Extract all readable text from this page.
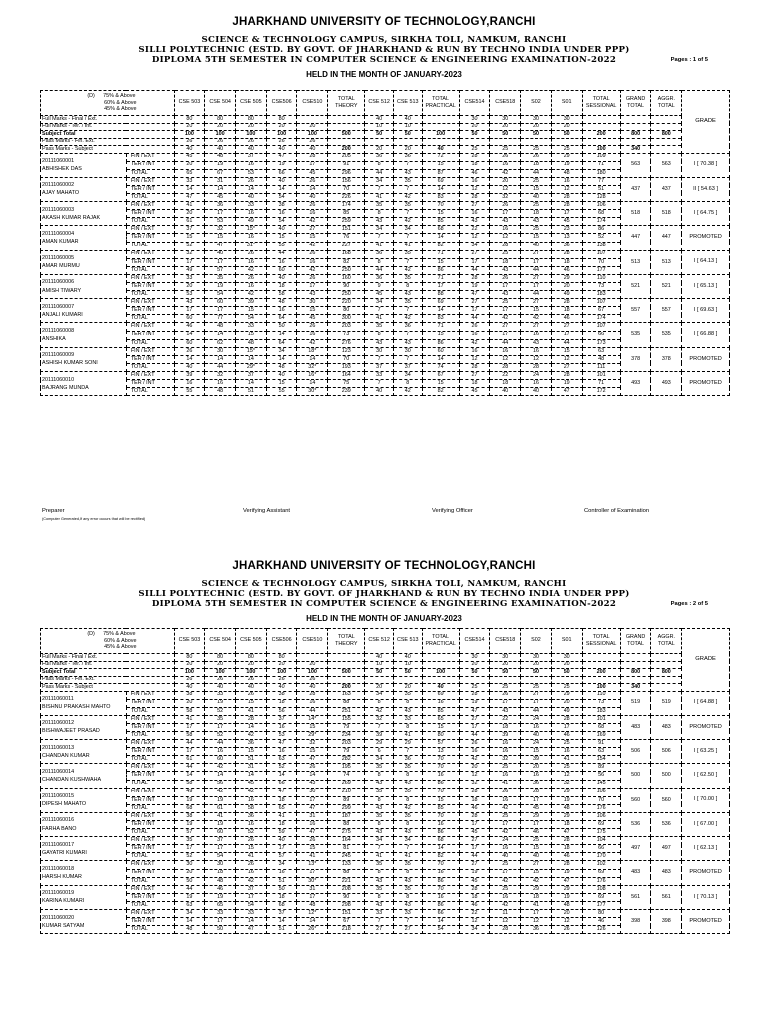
JHARKHAND UNIVERSITY OF TECHNOLOGY,RANCHI
SCIENCE & TECHNOLOGY CAMPUS, SIRKHA TOLI, NAMKUM, RANCHI
SILLI POLYTECHNIC (ESTD. BY GOVT. OF JHARKHAND & RUN BY TECHNO INDIA UNDER PPP)
DIPLOMA 5TH SEMESTER IN COMPUTER SCIENCE & ENGINEERING EXAMINATION-2022	Pages : 1 of 5
HELD IN THE MONTH OF JANUARY-2023
(D) 75% & Above
60% & Above
45% & Above		CSE 503	CSE 504	CSE 505	CSE506	CSE510	TOTAL THEORY	CSE 512	CSE 513	TOTAL PRACTICAL	CSE514	CSE518	S02	S01	TOTAL SESSIONAL	GRAND TOTAL	AGGR. TOTAL	GRADE
Full Marks - Final / Ext.		80	80	80	80			40	40		30	30	30	30				
Full Marks - Ter. / Int.		20	20	20	20	20		10	10		20	20	20	20				
Subject Total		100	100	100	100	100	500	50	50	100	50	50	50	50	200	800	800	
Pass Marks - Fin. Ext.		26	26	26	26	26												
Pass Marks - Subject		40	40	40	40	40	200	20	20	40	25	25	25	25	100	340		

20111060001
ABHISHEK DAS	FIN / EXT	45	48	37	47	28	205	36	36	72	28	26	26	29	109	563	563	I [ 70.38 ]
	TER / INT	20	19	16	19	17	91	8	7	15	18	16	18	19	71			
	TOTAL	65	67	53	66	45	296	44	43	87	46	42	44	48	180			

20111060002
AJAY MAHATO	FIN / EXT	33	31	26	40	26	156	34	35	69	16	20	25	16	77	437	437	II [ 54.63 ]
	TER / INT	14	14	14	14	14	70	7	7	14	12	12	15	12	51			
	TOTAL	47	45	40	54	40	226	41	42	83	28	32	40	28	128			

20111060003
AKASH KUMAR RAJAK	FIN / EXT	41	36	33	38	26	174	35	35	70	27	26	25	28	106	518	518	I [ 64.75 ]
	TER / INT	20	17	16	16	16	85	8	7	15	16	17	18	17	68			
	TOTAL	61	53	49	54	42	259	43	42	85	43	43	43	45	174			

20111060004
AMAN KUMAR	FIN / EXT	37	32	15*	40	27	151	34	34	68	22	16	25	23	86	447	447	PROMOTED
	TER / INT	15	15	16	15	15	76	7	7	14	12	12	15	13	52			
	TOTAL	52	47	31*	55	42	227	41	41	82	34	28	40	36	138			

20111060005
AMAR MURMU	FIN / EXT	32	40	26	44	26	168	36	35	71	27	25	27	28	107	513	513	I [ 64.13 ]
	TER / INT	17	17	16	16	16	82	8	7	15	17	18	17	18	70			
	TOTAL	49	57	42	60	42	250	44	42	86	44	43	44	46	177			

20111060006
AMISH TIWARY	FIN / EXT	33	35	26	40	26	160	36	35	71	28	26	27	29	110	521	521	I [ 65.13 ]
	TER / INT	20	19	16	18	17	90	9	8	17	19	17	17	20	73			
	TOTAL	53	54	42	58	43	250	45	43	88	47	43	44	49	183			

20111060007
ANJALI KUMARI	FIN / EXT	43	60	39	48	30	220	34	35	69	27	25	27	28	107	557	557	I [ 69.63 ]
	TER / INT	17	17	15	16	15	80	7	7	14	17	17	15	18	67			
	TOTAL	60	77	54	64	45	300	41	42	83	44	42	42	46	174			

20111060008
ANSHIKA	FIN / EXT	46	48	33	50	26	203	35	36	71	26	27	27	27	107	535	535	I [ 66.88 ]
	TER / INT	14	14	15	14	16	73	8	7	15	16	17	16	17	66			
	TOTAL	60	62	48	64	42	276	43	43	86	42	44	43	44	173			

20111060009
ASHISH KUMAR SONI	FIN / EXT	26	30	15*	34	18*	123	30	30	60	16	16	16	15	63	378	378	PROMOTED
	TER / INT	14	14	14	14	14	70	7	7	14	12	12	12	12	48			
	TOTAL	40	44	29*	48	32*	193	37	37	74	28	28	28	27	111			

20111060010
BAJRANG MUNDA	FIN / EXT	39	32	37	40	16*	164	33	34	67	27	22	24	28	101	493	493	PROMOTED
	TER / INT	16	16	14	15	14	75	7	8	15	18	18	16	19	71			
	TOTAL	55	48	51	55	30*	239	40	42	82	45	40	40	47	172			
Preparer
(Computer Generated,If any error occurs that will be rectified)
Verifying Assistant	Verifying Officer	Controller of Examination
JHARKHAND UNIVERSITY OF TECHNOLOGY,RANCHI
SCIENCE & TECHNOLOGY CAMPUS, SIRKHA TOLI, NAMKUM, RANCHI
SILLI POLYTECHNIC (ESTD. BY GOVT. OF JHARKHAND & RUN BY TECHNO INDIA UNDER PPP)
DIPLOMA 5TH SEMESTER IN COMPUTER SCIENCE & ENGINEERING EXAMINATION-2022	Pages : 2 of 5
HELD IN THE MONTH OF JANUARY-2023
(D) 75% & Above
60% & Above
45% & Above		CSE 503	CSE 504	CSE 505	CSE506	CSE510	TOTAL THEORY	CSE 512	CSE 513	TOTAL PRACTICAL	CSE514	CSE518	S02	S01	TOTAL SESSIONAL	GRAND TOTAL	AGGR. TOTAL	GRADE
Full Marks - Final / Ext.		80	80	80	80			40	40		30	30	30	30				
Full Marks - Ter. / Int.		20	20	20	20	20		10	10		20	20	20	20				
Subject Total		100	100	100	100	100	500	50	50	100	50	50	50	50	200	800	800	
Pass Marks - Fin. Ext.		26	26	26	26	26												
Pass Marks - Subject		40	40	40	40	40	200	20	20	40	25	25	25	25	100	340		

20111060011
BISHNU PRAKASH MAHTO	FIN / EXT	38	33	26	38	28	163	34	35	69	28	26	27	29	110	519	519	I [ 64.88 ]
	TER / INT	20	19	15	18	16	88	8	8	16	19	17	17	20	73			
	TOTAL	58	52	41	56	44	251	42	43	85	47	43	44	49	183			

20111060012
BISHWAJEET PRASAD	FIN / EXT	41	35	28	37	14*	155	32	33	65	27	22	24	28	101	483	483	PROMOTED
	TER / INT	17	17	14	16	15	79	7	8	15	17	18	16	17	68			
	TOTAL	58	52	42	53	29*	234	39	41	80	44	39	40	46	169			

20111060013
CHANDAN KUMAR	FIN / EXT	44	44	36	47	32	203	29	29	57	26	16	24	25	91	506	506	I [ 63.25 ]
	TER / INT	17	16	15	16	15	79	6	7	13	16	16	15	16	63			
	TOTAL	61	60	51	63	47	282	34	36	70	42	32	39	41	154			

20111060014
CHANDAN KUSHWAHA	FIN / EXT	44	42	31	52	26	195	35	35	70	20	25	20	25	89	500	500	I [ 62.50 ]
	TER / INT	14	14	14	14	14	74	8	8	16	12	16	16	12	56			
	TOTAL	58	56	45	66	43	269	43	43	86	32	41	36	32	145			

20111060015
DIPESH MAHATO	FIN / EXT	49	42	42	47	30	210	35	35	70	28	26	28	29	106	560	560	I [ 70.00 ]
	TER / INT	19	19	16	18	17	89	8	8	15	18	16	17	19	70			
	TOTAL	68	61	58	65	47	299	43	42	85	46	42	45	48	176			

20111060016
FARHA BANO	FIN / EXT	38	41	36	41	31	187	35	35	70	28	25	29	29	106	536	536	I [ 67.00 ]
	TER / INT	19	19	16	18	16	88	8	8	16	17	17	17	18	69			
	TOTAL	57	60	52	59	47	275	43	43	86	45	42	46	47	175			

20111060017
GAYATRI KUMARI	FIN / EXT	35	37	26	40	26	164	34	34	68	27	24	25	28	104	497	497	I [ 62.13 ]
	TER / INT	17	17	15	17	15	81	7	7	14	17	16	15	18	66			
	TOTAL	52	54	41	57	41	245	41	41	82	44	40	40	46	170			

20111060018
HARSH KUMAR	FIN / EXT	30	30	26	34	13*	133	35	35	70	27	25	27	28	102	483	483	PROMOTED
	TER / INT	20	18	16	16	17	88	8	8	16	19	17	15	19	69			
	TOTAL	50	48	42	51	30*	221	43	43	86	45	42	42	47	176			

20111060019
KARINA KUMARI	FIN / EXT	44	46	37	50	31	208	35	35	70	28	25	29	29	108	561	561	I [ 70.13 ]
	TER / INT	19	19	17	18	17	90	8	8	16	18	16	18	19	69			
	TOTAL	63	65	54	68	48	298	43	43	86	46	42	41	48	177			

20111060020
KUMAR SATYAM	FIN / EXT	34	33	33	37	12*	151	33	33	66	22	11	17	20	80	398	398	PROMOTED
	TER / INT	14	17	14	14	14	67	7	7	14	12	12	12	12	46			
	TOTAL	48	50	47	51	26*	218	27	27	54	34	28	36	26	126			
